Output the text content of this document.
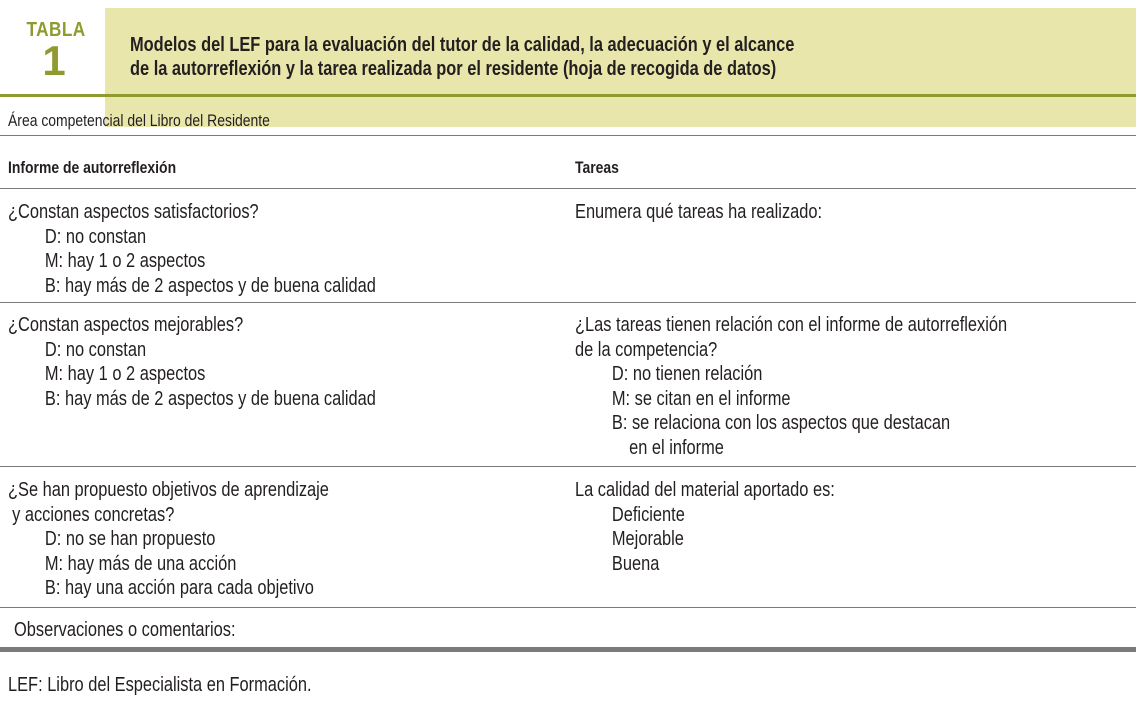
TABLA
1	Modelos del LEF para la evaluación del tutor de la calidad, la adecuación y el alcance
de la autorreflexión y la tarea realizada por el residente (hoja de recogida de datos)
Área competencial del Libro del Residente
Informe de autorreflexión	Tareas
¿Constan aspectos satisfactorios?
D: no constan
M: hay 1 o 2 aspectos
B: hay más de 2 aspectos y de buena calidad
Enumera qué tareas ha realizado:
¿Constan aspectos mejorables?
D: no constan
M: hay 1 o 2 aspectos
B: hay más de 2 aspectos y de buena calidad
¿Las tareas tienen relación con el informe de autorreflexión
de la competencia?
D: no tienen relación
M: se citan en el informe
B: se relaciona con los aspectos que destacan
en el informe
¿Se han propuesto objetivos de aprendizaje
y acciones concretas?
D: no se han propuesto
M: hay más de una acción
B: hay una acción para cada objetivo
La calidad del material aportado es:
Deficiente
Mejorable
Buena
Observaciones o comentarios:
LEF: Libro del Especialista en Formación.
